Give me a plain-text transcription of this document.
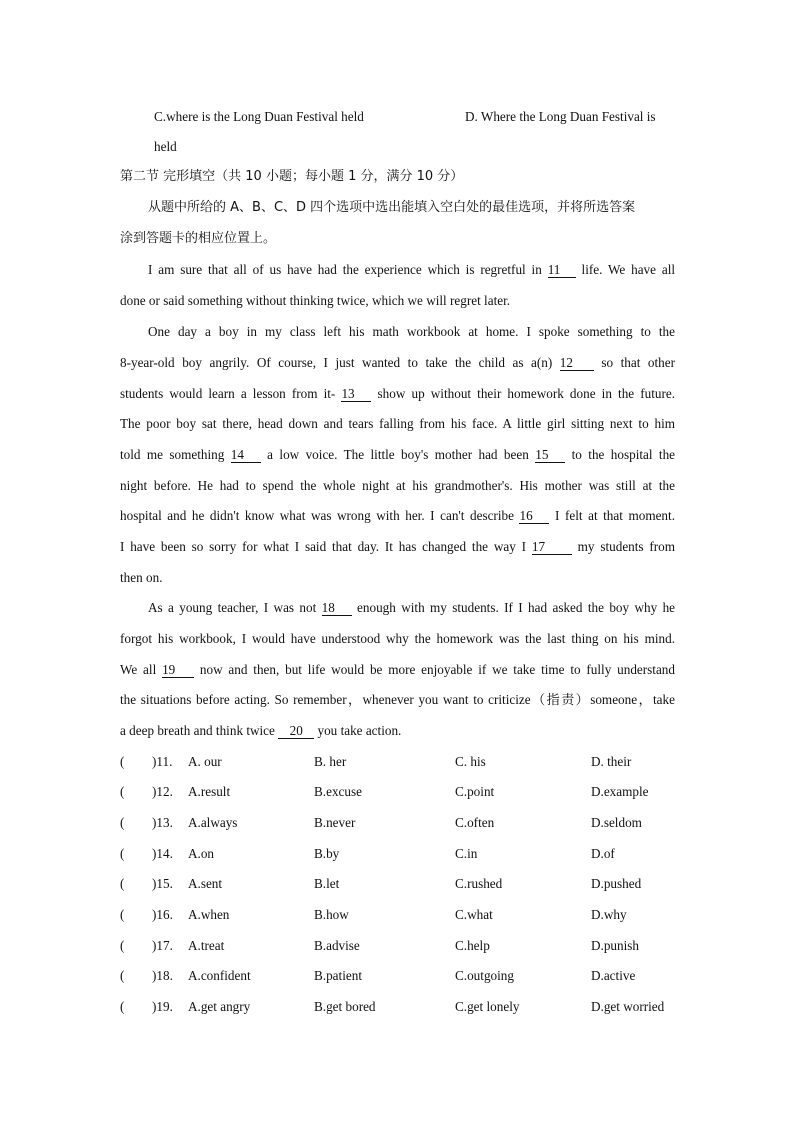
C.where is the Long Duan Festival held	D. Where the Long Duan Festival is
held
第二节 完形填空（共 10 小题；每小题 1 分，满分 10 分）
从题中所给的 A、B、C、D 四个选项中选出能填入空白处的最佳选项，并将所选答案
涂到答题卡的相应位置上。
I am sure that all of us have had the experience which is regretful in 11 life. We have all
done or said something without thinking twice, which we will regret later.
One day a boy in my class left his math workbook at home. I spoke something to the
8-year-old boy angrily. Of course, I just wanted to take the child as a(n) 12 so that other
students would learn a lesson from it- 13 show up without their homework done in the future.
The poor boy sat there, head down and tears falling from his face. A little girl sitting next to him
told me something 14 a low voice. The little boy's mother had been 15 to the hospital the
night before. He had to spend the whole night at his grandmother's. His mother was still at the
hospital and he didn't know what was wrong with her. I can't describe 16 I felt at that moment.
I have been so sorry for what I said that day. It has changed the way I 17 my students from
then on.
As a young teacher, I was not 18 enough with my students. If I had asked the boy why he
forgot his workbook, I would have understood why the homework was the last thing on his mind.
We all 19 now and then, but life would be more enjoyable if we take time to fully understand
the situations before acting. So remember，whenever you want to criticize（指责）someone，take
a deep breath and think twice 20 you take action.
( )11. A. our	B. her	C. his	D. their
( )12. A.result	B.excuse	C.point	D.example
( )13. A.always	B.never	C.often	D.seldom
( )14. A.on	B.by	C.in	D.of
( )15. A.sent	B.let	C.rushed	D.pushed
( )16. A.when	B.how	C.what	D.why
( )17. A.treat	B.advise	C.help	D.punish
( )18. A.confident	B.patient	C.outgoing	D.active
( )19. A.get angry	B.get bored	C.get lonely	D.get worried
